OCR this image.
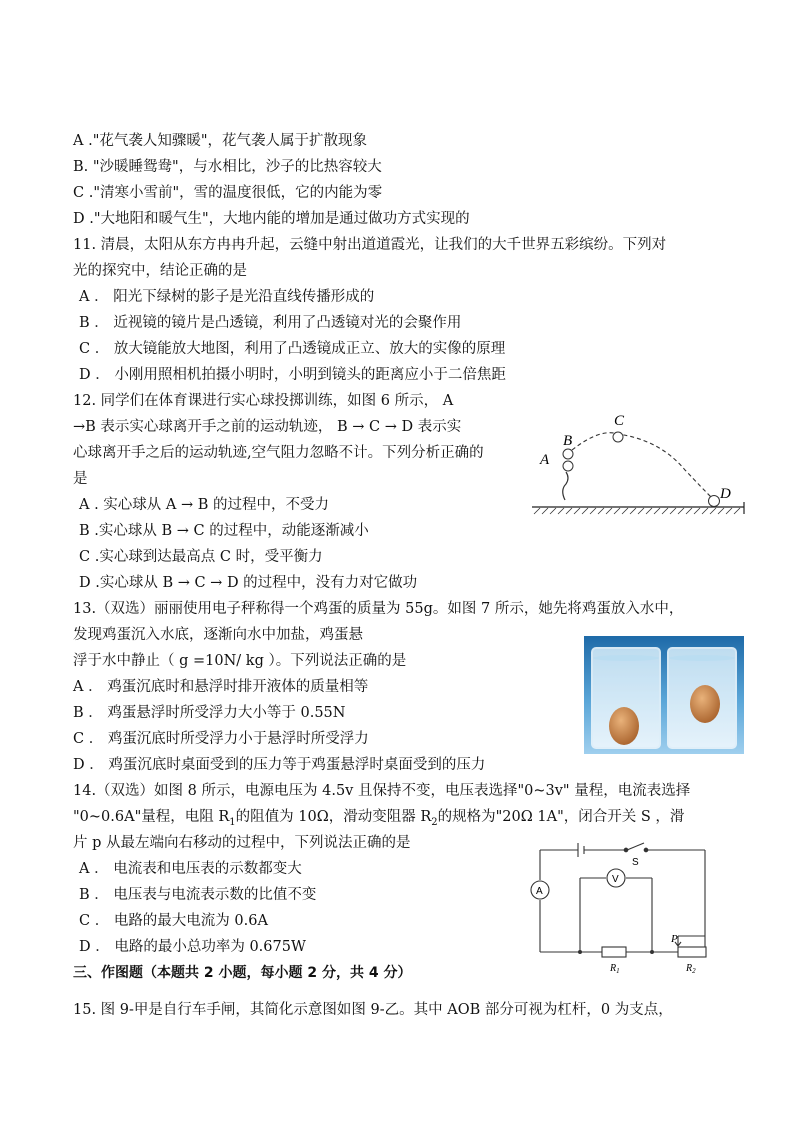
A ."花气袭人知骤暖"，花气袭人属于扩散现象
B. "沙暖睡鸳鸯"，与水相比，沙子的比热容较大
C ."清寒小雪前"，雪的温度很低，它的内能为零
D ."大地阳和暖气生"，大地内能的增加是通过做功方式实现的
11. 清晨，太阳从东方冉冉升起，云缝中射出道道霞光，让我们的大千世界五彩缤纷。下列对
光的探究中，结论正确的是
A ． 阳光下绿树的影子是光沿直线传播形成的
B ． 近视镜的镜片是凸透镜，利用了凸透镜对光的会聚作用
C ． 放大镜能放大地图，利用了凸透镜成正立、放大的实像的原理
D ． 小刚用照相机拍摄小明时，小明到镜头的距离应小于二倍焦距
12. 同学们在体育课进行实心球投掷训练，如图 6 所示， A
→B 表示实心球离开手之前的运动轨迹， B → C → D 表示实
心球离开手之后的运动轨迹,空气阻力忽略不计。下列分析正确的
是
A . 实心球从 A → B 的过程中，不受力
B .实心球从 B → C 的过程中，动能逐渐减小
C .实心球到达最高点 C 时，受平衡力
D .实心球从 B → C → D 的过程中，没有力对它做功
A
B
C
D
13.（双选）丽丽使用电子秤称得一个鸡蛋的质量为 55g。如图 7 所示，她先将鸡蛋放入水中，
发现鸡蛋沉入水底，逐渐向水中加盐，鸡蛋悬
浮于水中静止（ g =10N/ kg ）。下列说法正确的是
A ． 鸡蛋沉底时和悬浮时排开液体的质量相等
B ． 鸡蛋悬浮时所受浮力大小等于 0.55N
C ． 鸡蛋沉底时所受浮力小于悬浮时所受浮力
D ． 鸡蛋沉底时桌面受到的压力等于鸡蛋悬浮时桌面受到的压力
14.（双选）如图 8 所示，电源电压为 4.5v 且保持不变，电压表选择"0~3v" 量程，电流表选择
"0~0.6A"量程，电阻 $R_1$的阻值为 10Ω，滑动变阻器 $R_2$的规格为"20Ω 1A"，闭合开关 S ，滑
片 p 从最左端向右移动的过程中，下列说法正确的是
A ． 电流表和电压表的示数都变大
B ． 电压表与电流表示数的比值不变
C ． 电路的最大电流为 0.6A
D ． 电路的最小总功率为 0.675W
S
A
V
P
$R_1$	$R_2$
三、作图题（本题共 2 小题，每小题 2 分，共 4 分）
15. 图 9-甲是自行车手闸，其简化示意图如图 9-乙。其中 AOB 部分可视为杠杆，0 为支点，
